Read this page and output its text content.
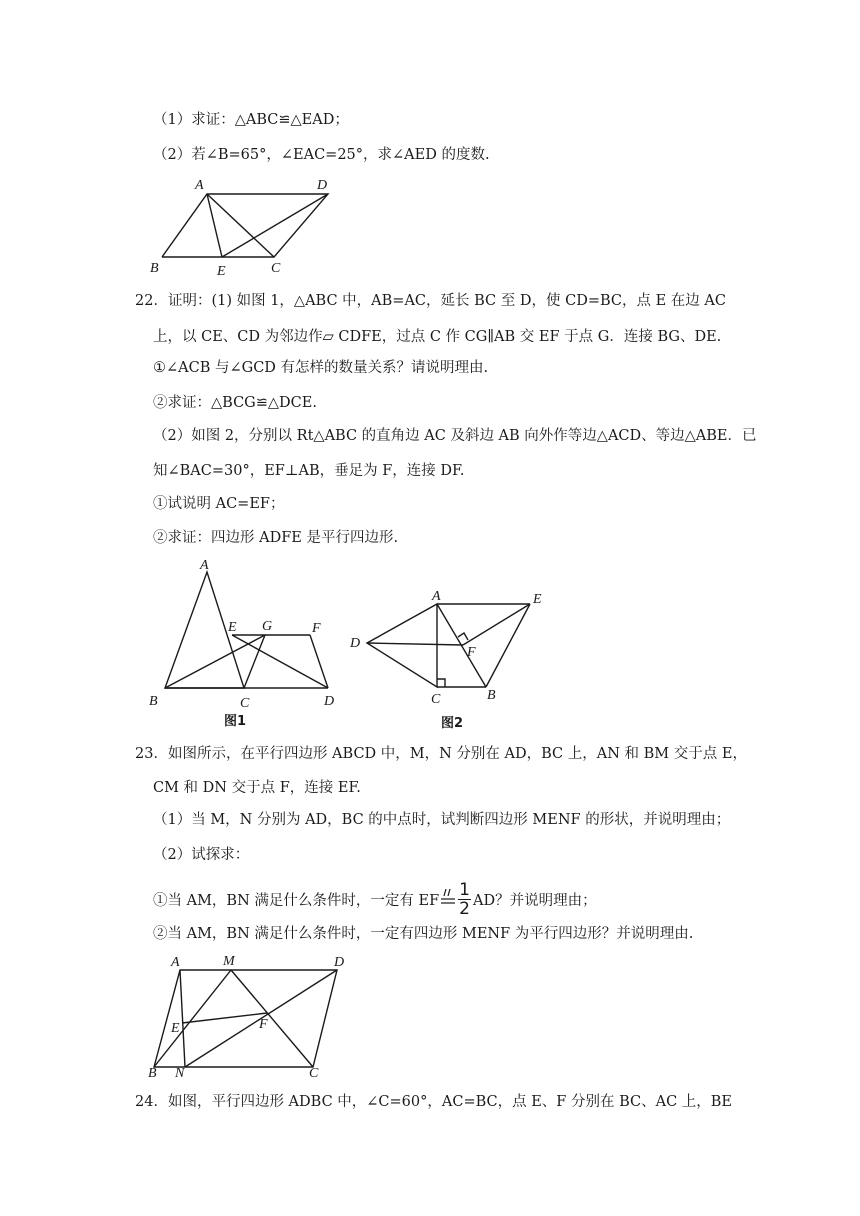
（1）求证：△ABC≌△EAD；
（2）若∠B=65°，∠EAC=25°，求∠AED 的度数.
A	D
B	E	C
22．证明：(1) 如图 1，△ABC 中，AB=AC，延长 BC 至 D，使 CD=BC，点 E 在边 AC
上，以 CE、CD 为邻边作▱ CDFE，过点 C 作 CG∥AB 交 EF 于点 G．连接 BG、DE.
①∠ACB 与∠GCD 有怎样的数量关系？请说明理由.
②求证：△BCG≌△DCE.
（2）如图 2，分别以 Rt△ABC 的直角边 AC 及斜边 AB 向外作等边△ACD、等边△ABE．已
知∠BAC=30°，EF⊥AB，垂足为 F，连接 DF.
①试说明 AC=EF；
②求证：四边形 ADFE 是平行四边形.
A
E G	F
B	C	D
图1
A	E
D
F
C	B
图2
23．如图所示，在平行四边形 ABCD 中，M，N 分别在 AD，BC 上，AN 和 BM 交于点 E，
CM 和 DN 交于点 F，连接 EF.
（1）当 M，N 分别为 AD，BC 的中点时，试判断四边形 MENF 的形状，并说明理由；
（2）试探求：
①当 AM，BN 满足什么条件时，一定有 EF $\frac{1}{2}$ AD？并说明理由；
②当 AM，BN 满足什么条件时，一定有四边形 MENF 为平行四边形？并说明理由.
A	M	D
E	F
B N	C
24．如图，平行四边形 ADBC 中，∠C=60°，AC=BC，点 E、F 分别在 BC、AC 上，BE
